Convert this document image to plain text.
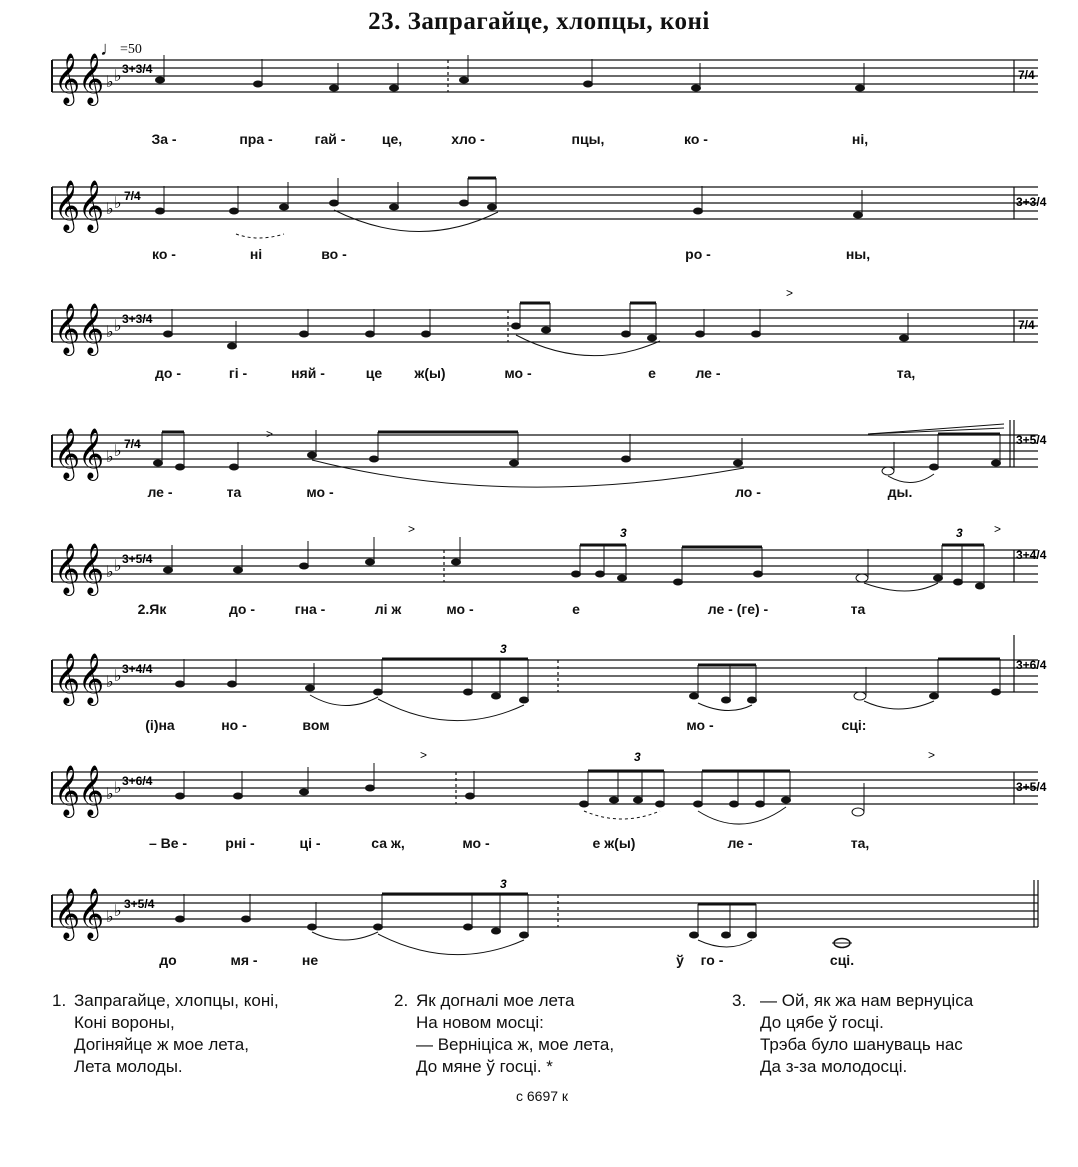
23. Запрагайце, хлопцы, коні
♩=50
𝄞
𝄞 ♭ ♭ 3+3/4	7/4
За -	пра -	гай -	це,	хло -	пцы,	ко -	ні,
𝄞
𝄞 ♭ ♭ 7/4	3+3/4
ко -	ні	во -	ро -	ны,
𝄞
𝄞 ♭ ♭ 3+3/4	7/4
>
до -	гі -	няй -	це ж(ы)	мо -	е	ле -	та,
𝄞
𝄞 ♭ ♭ 7/4	3+5/4
>
ле -	та	мо -	ло -	ды.
𝄞
𝄞 ♭ ♭ 3+5/4	3+4/4
3	3
>	>
2.Як	до -	гна -	лі ж	мо -	е	ле - (ге) -	та
𝄞
𝄞 ♭ ♭ 3+4/4	3+6/4
3
(і)на	но -	вом	мо -	сці:
𝄞
𝄞 ♭ ♭ 3+6/4	3+5/4
3
>	>
– Ве -	рні -	ці -	са ж,	мо -	е ж(ы)	ле -	та,
𝄞
𝄞 ♭ ♭ 3+5/4
3
до	мя -	не	ў го -	сці.
1. Запрагайце, хлопцы, коні,
Коні вороны,
Догіняйце ж мое лета,
Лета молоды.
2. Як догналі мое лета
На новом мосці:
— Верніціса ж, мое лета,
До мяне ў госці. *
3. — Ой, як жа нам вернуціса
До цябе ў госці.
Трэба було шануваць нас
Да з-за молодосці.
с 6697 к
